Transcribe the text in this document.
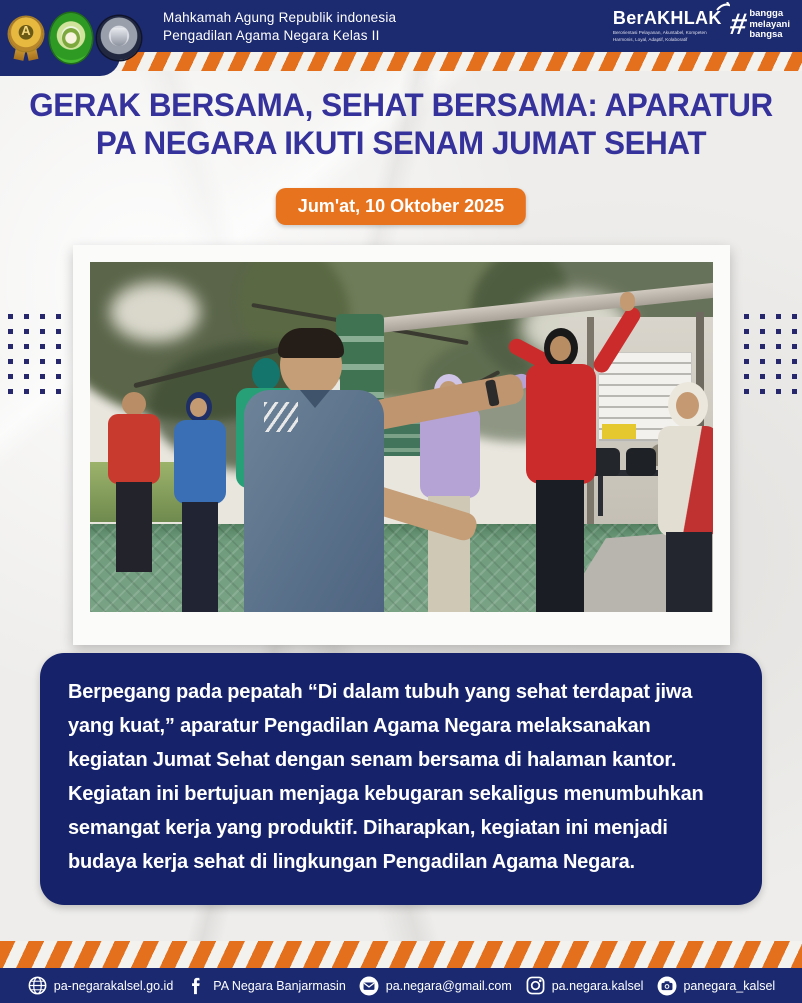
A
Mahkamah Agung Republik indonesia
Pengadilan Agama Negara Kelas II
BerAKHLAK
Berorientasi Pelayanan, Akuntabel, Kompeten
Harmonis, Loyal, Adaptif, Kolaboratif	# bangga
melayani
bangsa
GERAK BERSAMA, SEHAT BERSAMA: APARATUR
PA NEGARA IKUTI SENAM JUMAT SEHAT
Jum'at, 10 Oktober 2025

Berpegang pada pepatah “Di dalam tubuh yang sehat terdapat jiwa yang kuat,” aparatur Pengadilan Agama Negara melaksanakan kegiatan Jumat Sehat dengan senam bersama di halaman kantor. Kegiatan ini bertujuan menjaga kebugaran sekaligus menumbuhkan semangat kerja yang produktif. Diharapkan, kegiatan ini menjadi budaya kerja sehat di lingkungan Pengadilan Agama Negara.

pa-negarakalsel.go.id	PA Negara Banjarmasin	pa.negara@gmail.com	pa.negara.kalsel	panegara_kalsel
